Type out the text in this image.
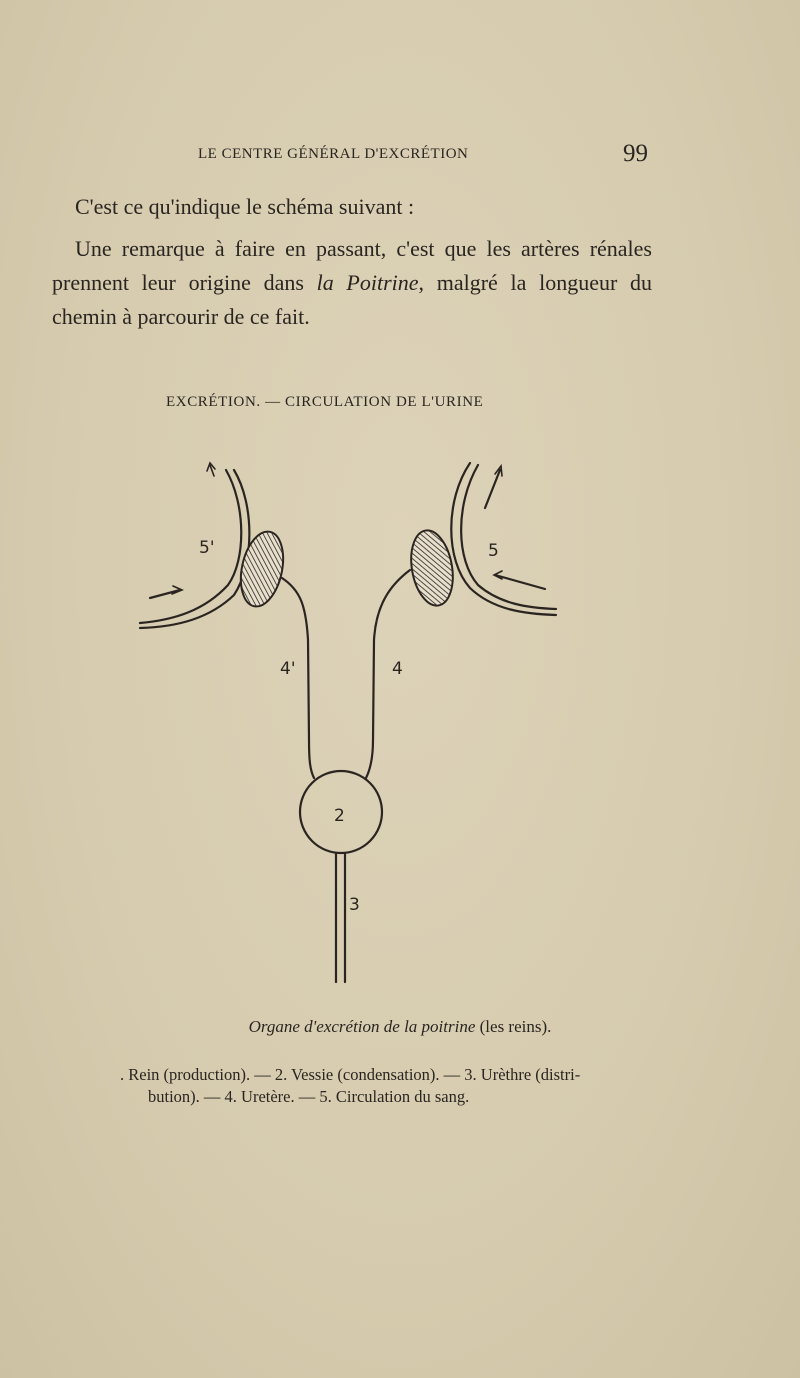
LE CENTRE GÉNÉRAL D'EXCRÉTION	99
C'est ce qu'indique le schéma suivant :
Une remarque à faire en passant, c'est que les artères rénales prennent leur origine dans la Poitrine, malgré la longueur du chemin à parcourir de ce fait.
EXCRÉTION. — CIRCULATION DE L'URINE
5'	5
4'	4
2
3
Organe d'excrétion de la poitrine (les reins).
. Rein (production). — 2. Vessie (condensation). — 3. Urèthre (distri-
bution). — 4. Uretère. — 5. Circulation du sang.
